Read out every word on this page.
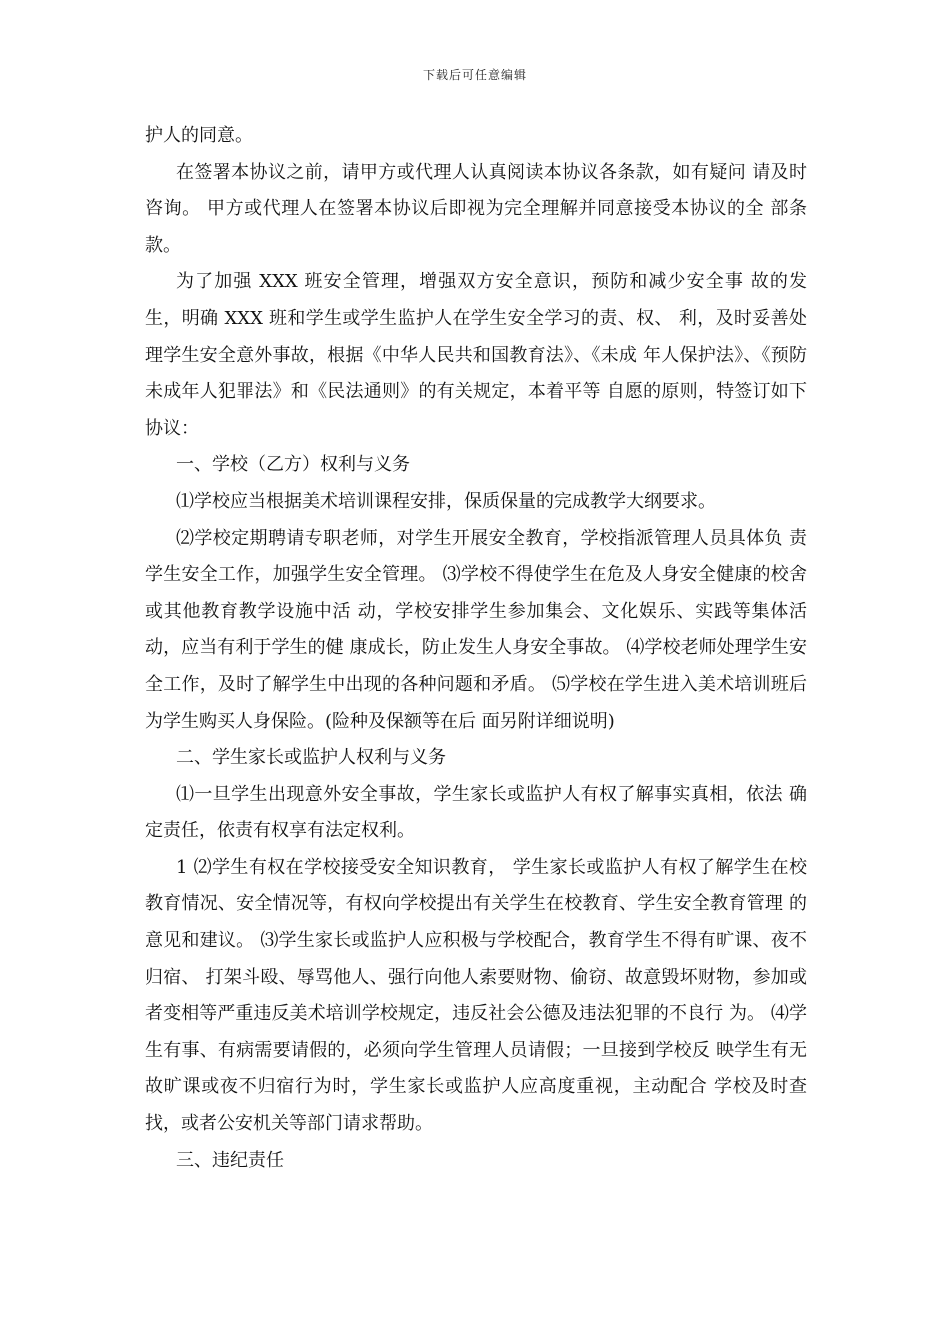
下载后可任意编辑

护人的同意。

在签署本协议之前，请甲方或代理人认真阅读本协议各条款，如有疑问 请及时咨询。 甲方或代理人在签署本协议后即视为完全理解并同意接受本协议的全 部条款。

为了加强 XXX 班安全管理，增强双方安全意识，预防和减少安全事 故的发生，明确 XXX 班和学生或学生监护人在学生安全学习的责、权、 利，及时妥善处理学生安全意外事故，根据《中华人民共和国教育法》、《未成 年人保护法》、《预防未成年人犯罪法》和《民法通则》的有关规定，本着平等 自愿的原则，特签订如下协议：

一、学校（乙方）权利与义务

⑴学校应当根据美术培训课程安排，保质保量的完成教学大纲要求。

⑵学校定期聘请专职老师，对学生开展安全教育，学校指派管理人员具体负 责学生安全工作，加强学生安全管理。 ⑶学校不得使学生在危及人身安全健康的校舍或其他教育教学设施中活 动，学校安排学生参加集会、文化娱乐、实践等集体活动，应当有利于学生的健 康成长，防止发生人身安全事故。 ⑷学校老师处理学生安全工作，及时了解学生中出现的各种问题和矛盾。 ⑸学校在学生进入美术培训班后为学生购买人身保险。(险种及保额等在后 面另附详细说明)

二、学生家长或监护人权利与义务

⑴一旦学生出现意外安全事故，学生家长或监护人有权了解事实真相，依法 确定责任，依责有权享有法定权利。

1 ⑵学生有权在学校接受安全知识教育， 学生家长或监护人有权了解学生在校 教育情况、安全情况等，有权向学校提出有关学生在校教育、学生安全教育管理 的意见和建议。 ⑶学生家长或监护人应积极与学校配合，教育学生不得有旷课、夜不归宿、 打架斗殴、辱骂他人、强行向他人索要财物、偷窃、故意毁坏财物，参加或 者变相等严重违反美术培训学校规定，违反社会公德及违法犯罪的不良行 为。 ⑷学生有事、有病需要请假的，必须向学生管理人员请假；一旦接到学校反 映学生有无故旷课或夜不归宿行为时，学生家长或监护人应高度重视，主动配合 学校及时查找，或者公安机关等部门请求帮助。

三、违纪责任
